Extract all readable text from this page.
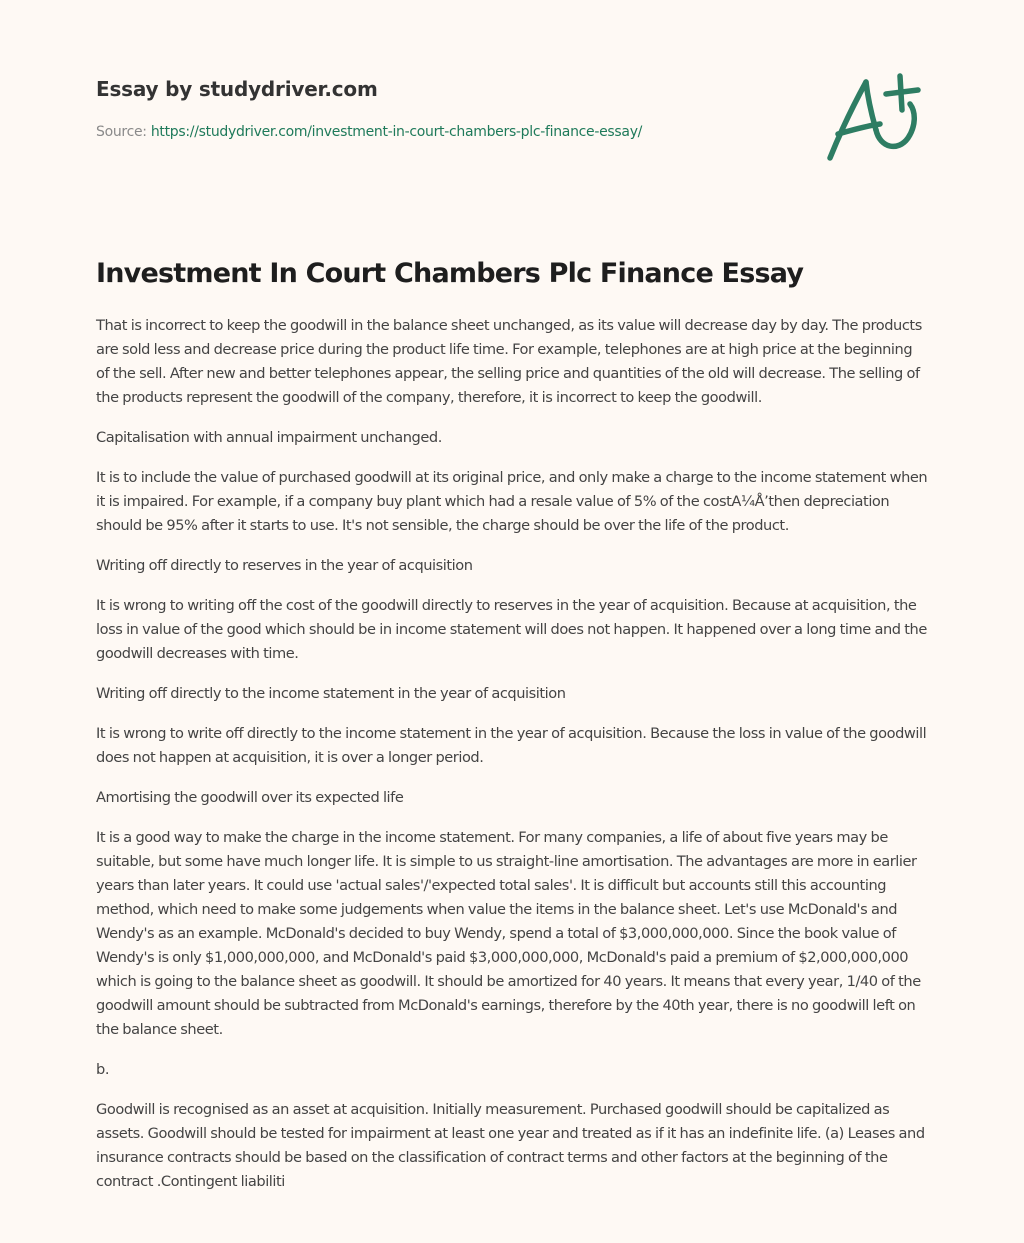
Essay by studydriver.com
Source: https://studydriver.com/investment-in-court-chambers-plc-finance-essay/
Investment In Court Chambers Plc Finance Essay

That is incorrect to keep the goodwill in the balance sheet unchanged, as its value will decrease day by day. The products are sold less and decrease price during the product life time. For example, telephones are at high price at the beginning of the sell. After new and better telephones appear, the selling price and quantities of the old will decrease. The selling of the products represent the goodwill of the company, therefore, it is incorrect to keep the goodwill.

Capitalisation with annual impairment unchanged.

It is to include the value of purchased goodwill at its original price, and only make a charge to the income statement when it is impaired. For example, if a company buy plant which had a resale value of 5% of the costA¼Å’then depreciation should be 95% after it starts to use. It's not sensible, the charge should be over the life of the product.

Writing off directly to reserves in the year of acquisition

It is wrong to writing off the cost of the goodwill directly to reserves in the year of acquisition. Because at acquisition, the loss in value of the good which should be in income statement will does not happen. It happened over a long time and the goodwill decreases with time.

Writing off directly to the income statement in the year of acquisition

It is wrong to write off directly to the income statement in the year of acquisition. Because the loss in value of the goodwill does not happen at acquisition, it is over a longer period.

Amortising the goodwill over its expected life

It is a good way to make the charge in the income statement. For many companies, a life of about five years may be suitable, but some have much longer life. It is simple to us straight-line amortisation. The advantages are more in earlier years than later years. It could use 'actual sales'/'expected total sales'. It is difficult but accounts still this accounting method, which need to make some judgements when value the items in the balance sheet. Let's use McDonald's and Wendy's as an example. McDonald's decided to buy Wendy, spend a total of $3,000,000,000. Since the book value of Wendy's is only $1,000,000,000, and McDonald's paid $3,000,000,000, McDonald's paid a premium of $2,000,000,000 which is going to the balance sheet as goodwill. It should be amortized for 40 years. It means that every year, 1/40 of the goodwill amount should be subtracted from McDonald's earnings, therefore by the 40th year, there is no goodwill left on the balance sheet.

b.

Goodwill is recognised as an asset at acquisition. Initially measurement. Purchased goodwill should be capitalized as assets. Goodwill should be tested for impairment at least one year and treated as if it has an indefinite life. (a) Leases and insurance contracts should be based on the classification of contract terms and other factors at the beginning of the contract .Contingent liabiliti
